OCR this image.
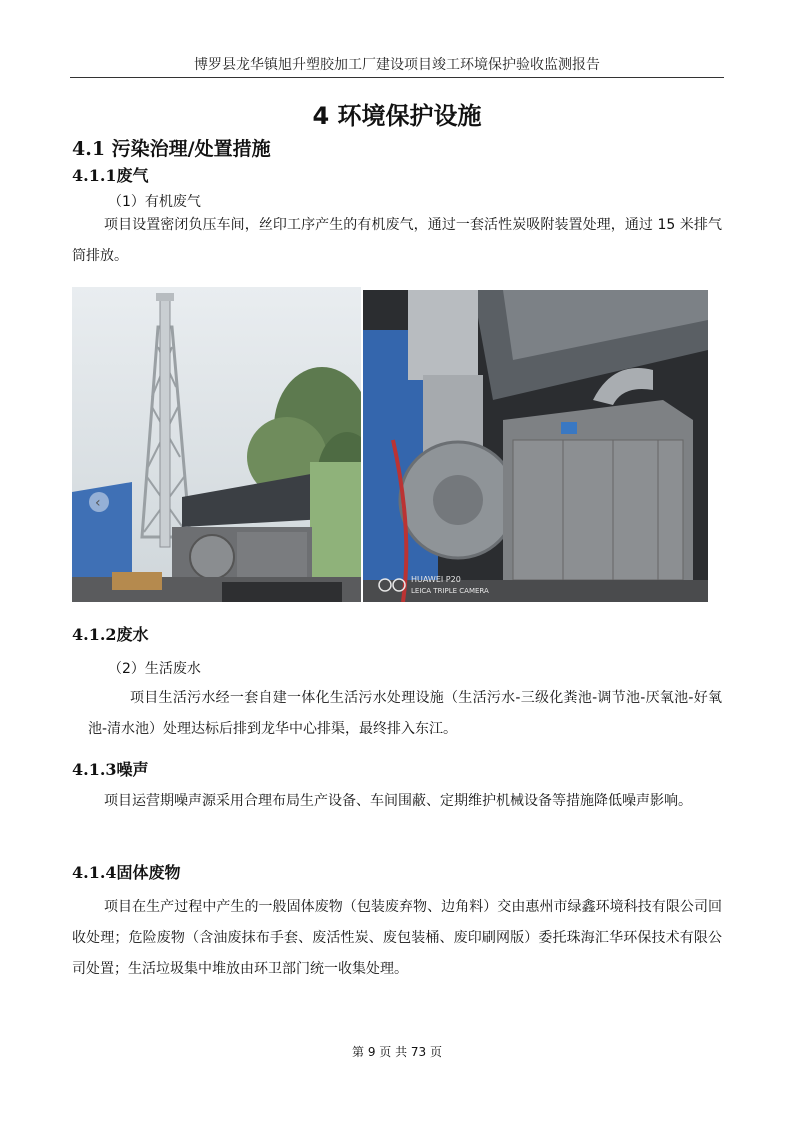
博罗县龙华镇旭升塑胶加工厂建设项目竣工环境保护验收监测报告
4 环境保护设施
4.1 污染治理/处置措施
4.1.1废气
（1）有机废气
项目设置密闭负压车间，丝印工序产生的有机废气，通过一套活性炭吸附装置处理，通过 15 米排气筒排放。
‹
HUAWEI P20
LEICA TRIPLE CAMERA
4.1.2废水
（2）生活废水
项目生活污水经一套自建一体化生活污水处理设施（生活污水-三级化粪池-调节池-厌氧池-好氧池-清水池）处理达标后排到龙华中心排渠，最终排入东江。
4.1.3噪声
项目运营期噪声源采用合理布局生产设备、车间围蔽、定期维护机械设备等措施降低噪声影响。
4.1.4固体废物
项目在生产过程中产生的一般固体废物（包装废弃物、边角料）交由惠州市绿鑫环境科技有限公司回收处理；危险废物（含油废抹布手套、废活性炭、废包装桶、废印刷网版）委托珠海汇华环保技术有限公司处置；生活垃圾集中堆放由环卫部门统一收集处理。
第 9 页 共 73 页
